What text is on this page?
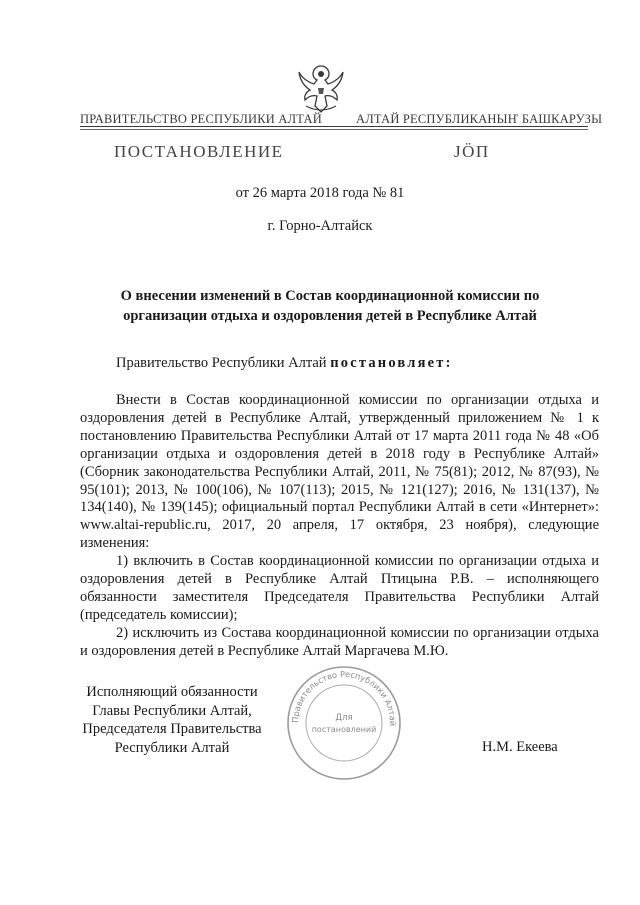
ПРАВИТЕЛЬСТВО РЕСПУБЛИКИ АЛТАЙ	АЛТАЙ РЕСПУБЛИКАНЫҤ БАШКАРУЗЫ
ПОСТАНОВЛЕНИЕ	ЈÖП
от 26 марта 2018 года № 81
г. Горно-Алтайск
О внесении изменений в Состав координационной комиссии по организации отдыха и оздоровления детей в Республике Алтай
Правительство Республики Алтай постановляет:

Внести в Состав координационной комиссии по организации отдыха и оздоровления детей в Республике Алтай, утвержденный приложением № 1 к постановлению Правительства Республики Алтай от 17 марта 2011 года № 48 «Об организации отдыха и оздоровления детей в 2018 году в Республике Алтай» (Сборник законодательства Республики Алтай, 2011, № 75(81); 2012, № 87(93), № 95(101); 2013, № 100(106), № 107(113); 2015, № 121(127); 2016, № 131(137), № 134(140), № 139(145); официальный портал Республики Алтай в сети «Интернет»: www.altai-republic.ru, 2017, 20 апреля, 17 октября, 23 ноября), следующие изменения:

1) включить в Состав координационной комиссии по организации отдыха и оздоровления детей в Республике Алтай Птицына Р.В. – исполняющего обязанности заместителя Председателя Правительства Республики Алтай (председатель комиссии);

2) исключить из Состава координационной комиссии по организации отдыха и оздоровления детей в Республике Алтай Маргачева М.Ю.

Исполняющий обязанности
Главы Республики Алтай,
Председателя Правительства
Республики Алтай
Правительство Республики Алтай
Для
постановлений
Н.М. Екеева
